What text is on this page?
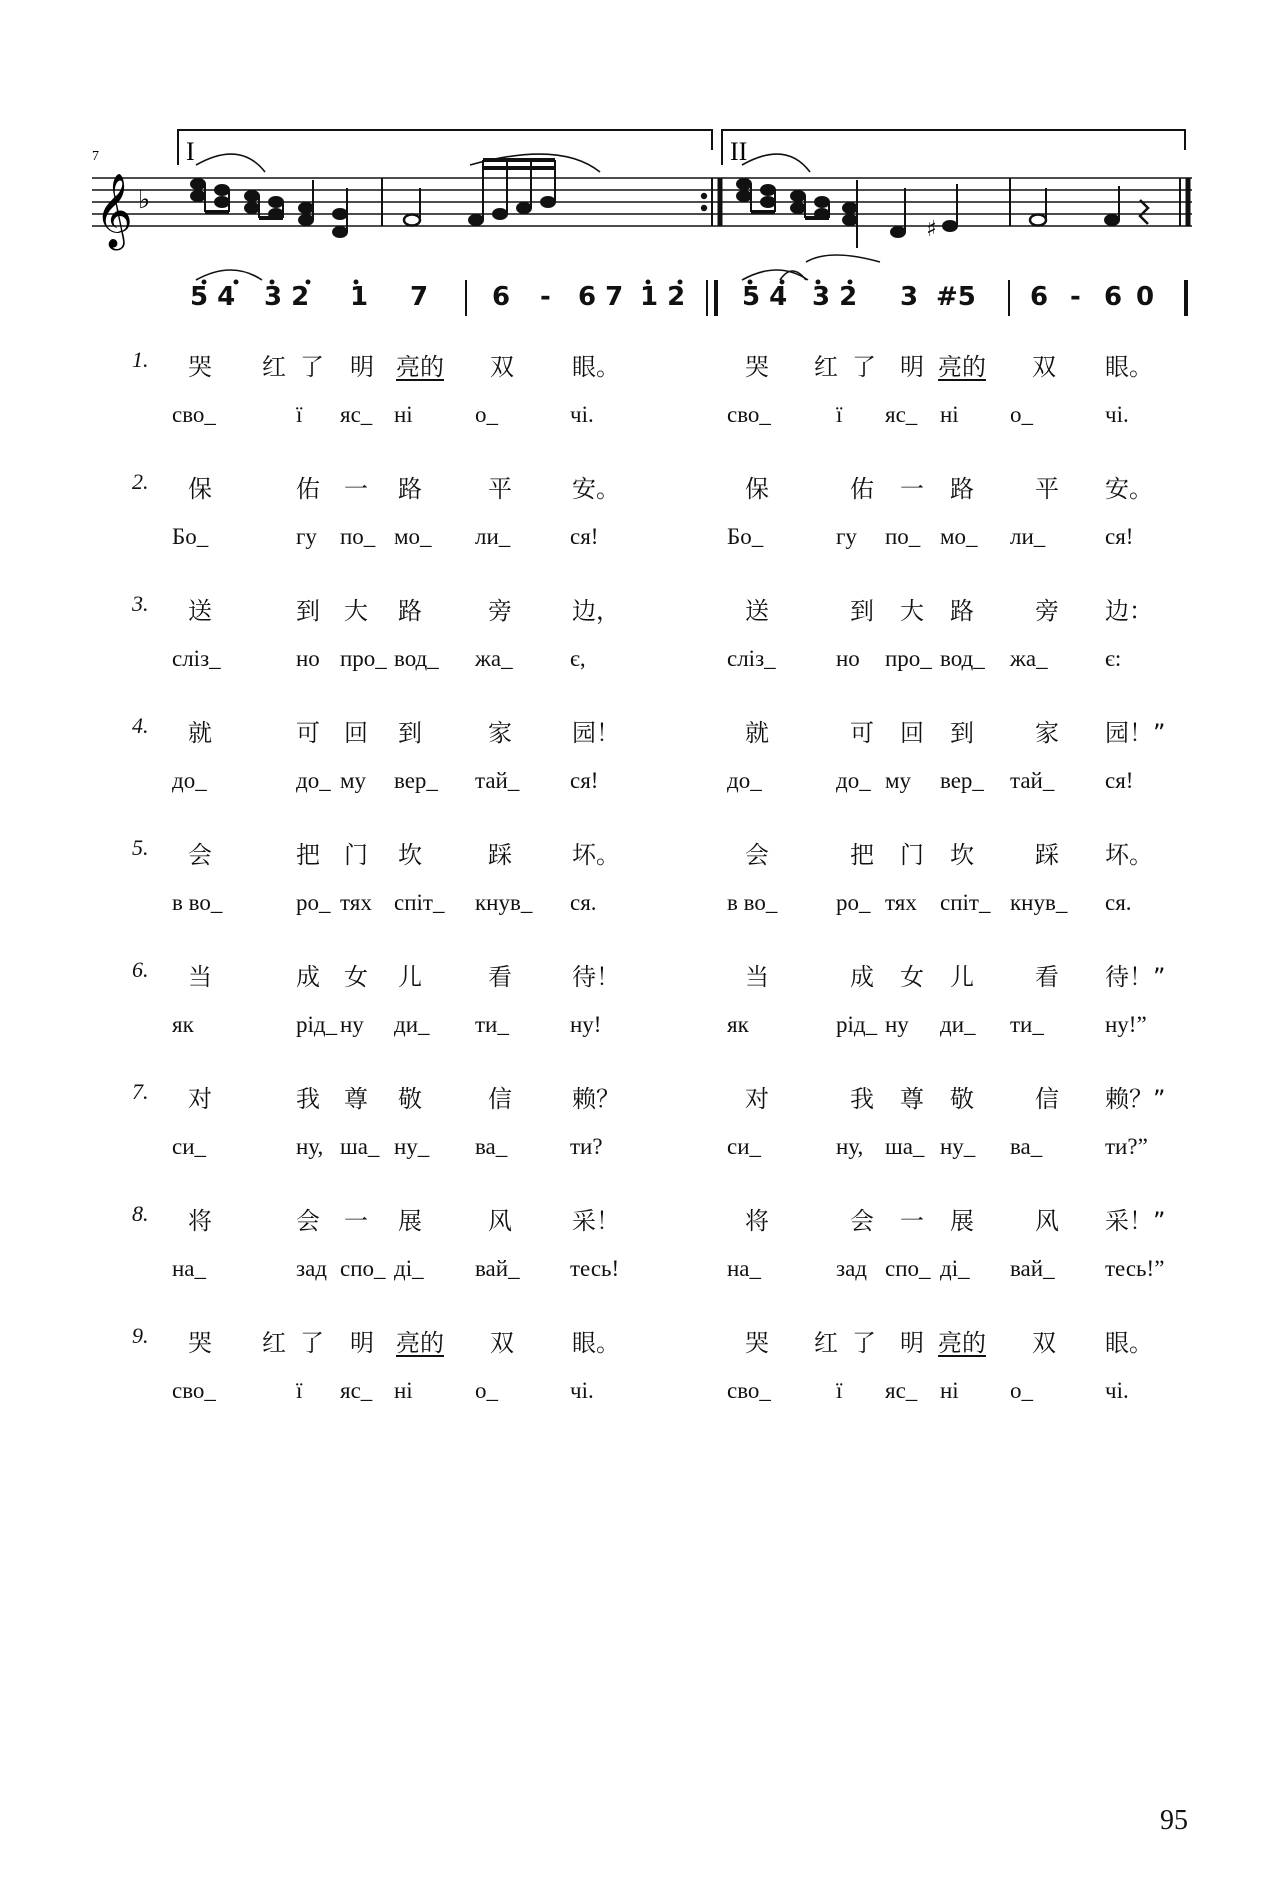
7	I	II
𝄞 ♭
♯
5 4 3 2 1 7 6 - 6 7 1 2 5 4 3 2 3 #5 6 - 6 0
1. 哭 红 了 明 亮的 双 眼。	哭 红 了 明 亮的 双 眼。
сво_	ї яс_ ні	о_	чі.	сво_	ї яс_ ні о_	чі.
2. 保	佑 一 路	平	安。	保	佑 一 路	平 安。
Бо_	гу по_ мо_ ли_	ся!	Бо_	гу по_ мо_ ли_	ся!
3. 送	到 大 路	旁	边，	送	到 大 路	旁 边：
сліз_	но про_ вод_ жа_ є,	сліз_	но про_ вод_ жа_ є:
4. 就	可 回 到	家	园！	就	可 回 到	家 园！”
до_	до_ му вер_ тай_ ся!	до_	до_ му вер_ тай_ ся!
5. 会	把 门 坎	踩	坏。	会	把 门 坎	踩 坏。
в во_	ро_ тях спіт_ кнув_ ся.	в во_	ро_ тях спіт_ кнув_ ся.
6. 当	成 女 儿	看	待！	当	成 女 儿	看 待！”
як	рід_ ну ди_ ти_	ну!	як	рід_ ну ди_ ти_	ну!”
7. 对	我 尊 敬	信	赖？	对	我 尊 敬	信 赖？”
си_	ну, ша_ ну_ ва_	ти?	си_	ну, ша_ ну_ ва_	ти?”
8. 将	会 一 展	风	采！	将	会 一 展	风 采！”
на_	зад спо_ ді_ вай_ тесь!	на_	зад спо_ ді_ вай_ тесь!”
9. 哭 红 了 明 亮的 双 眼。	哭 红 了 明 亮的 双 眼。
сво_	ї яс_ ні	о_	чі.	сво_	ї яс_ ні о_	чі.
95
